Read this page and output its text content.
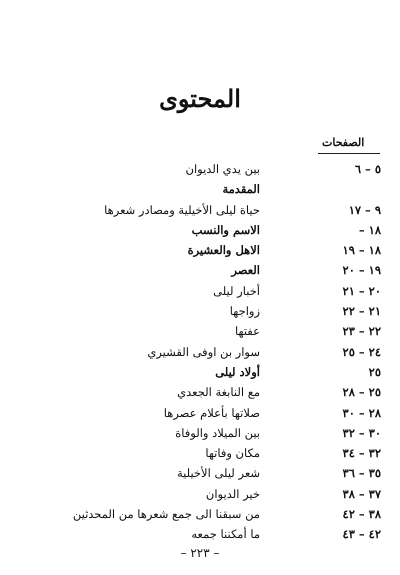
المحتوى
الصفحات
بين يدي الديوان	٥ – ٦
المقدمة
حياة ليلى الأخيلية ومصادر شعرها	٩ – ١٧
الاسم والنسب	١٨ –
الاهل والعشيرة	١٨ – ١٩
العصر	١٩ – ٢٠
أخبار ليلى	٢٠ – ٢١
زواجها	٢١ – ٢٢
عفتها	٢٢ – ٢٣
سوار بن اوفى القشيري	٢٤ – ٢٥
أولاد ليلى	٢٥
مع النابغة الجعدي	٢٥ – ٢٨
صلاتها بأعلام عصرها	٢٨ – ٣٠
بين الميلاد والوفاة	٣٠ – ٣٢
مكان وفاتها	٣٢ – ٣٤
شعر ليلى الأخيلية	٣٥ – ٣٦
خير الديوان	٣٧ – ٣٨
من سبقنا الى جمع شعرها من المحدثين	٣٨ – ٤٢
ما أمكننا جمعه	٤٢ – ٤٣
– ٢٢٣ –
